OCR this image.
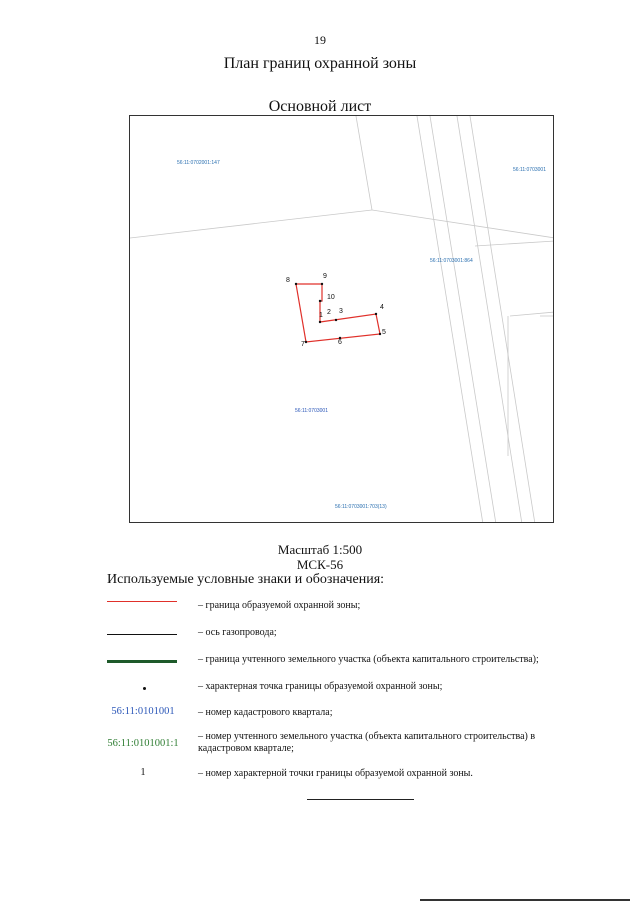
19
План границ охранной зоны
Основной лист
56:11:0702001:147
56:11:0703001
56:11:0703001:864
56:11:0703001
56:11:0703001:703(13)
1 2 3
4
5
6
7
8
9
10
Масштаб 1:500
МСК-56
Используемые условные знаки и обозначения:
– граница образуемой охранной зоны;
– ось газопровода;
– граница учтенного земельного участка (объекта капитального строительства);
– характерная точка границы образуемой охранной зоны;
56:11:0101001	– номер кадастрового квартала;
56:11:0101001:1
– номер учтенного земельного участка (объекта капитального строительства) в кадастровом квартале;
1	– номер характерной точки границы образуемой охранной зоны.
